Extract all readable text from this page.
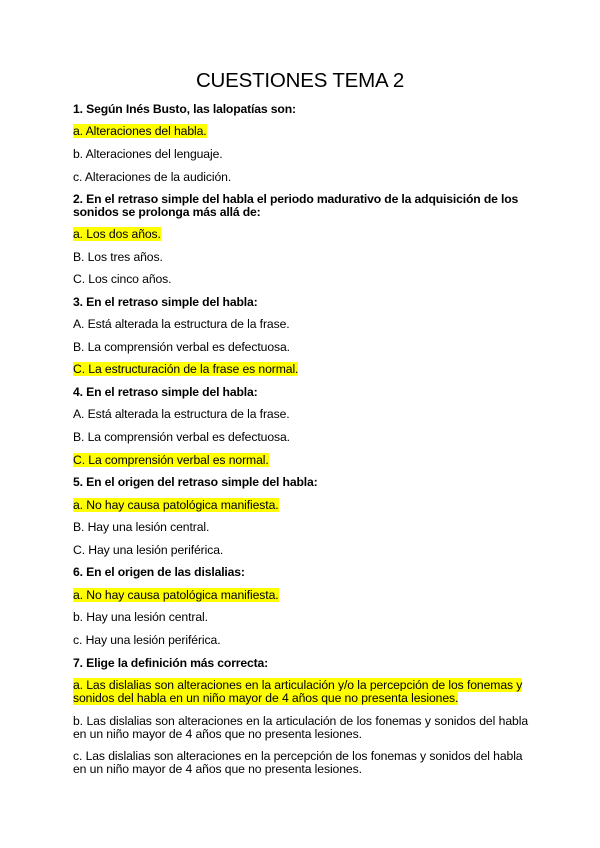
CUESTIONES TEMA 2
1. Según Inés Busto, las lalopatías son:
a. Alteraciones del habla.
b. Alteraciones del lenguaje.
c. Alteraciones de la audición.
2. En el retraso simple del habla el periodo madurativo de la adquisición de los sonidos se prolonga más allá de:
a. Los dos años.
B. Los tres años.
C. Los cinco años.
3. En el retraso simple del habla:
A. Está alterada la estructura de la frase.
B. La comprensión verbal es defectuosa.
C. La estructuración de la frase es normal.
4. En el retraso simple del habla:
A. Está alterada la estructura de la frase.
B. La comprensión verbal es defectuosa.
C. La comprensión verbal es normal.
5. En el origen del retraso simple del habla:
a. No hay causa patológica manifiesta.
B. Hay una lesión central.
C. Hay una lesión periférica.
6. En el origen de las dislalias:
a. No hay causa patológica manifiesta.
b. Hay una lesión central.
c. Hay una lesión periférica.
7. Elige la definición más correcta:
a. Las dislalias son alteraciones en la articulación y/o la percepción de los fonemas y sonidos del habla en un niño mayor de 4 años que no presenta lesiones.
b. Las dislalias son alteraciones en la articulación de los fonemas y sonidos del habla en un niño mayor de 4 años que no presenta lesiones.
c. Las dislalias son alteraciones en la percepción de los fonemas y sonidos del habla en un niño mayor de 4 años que no presenta lesiones.
